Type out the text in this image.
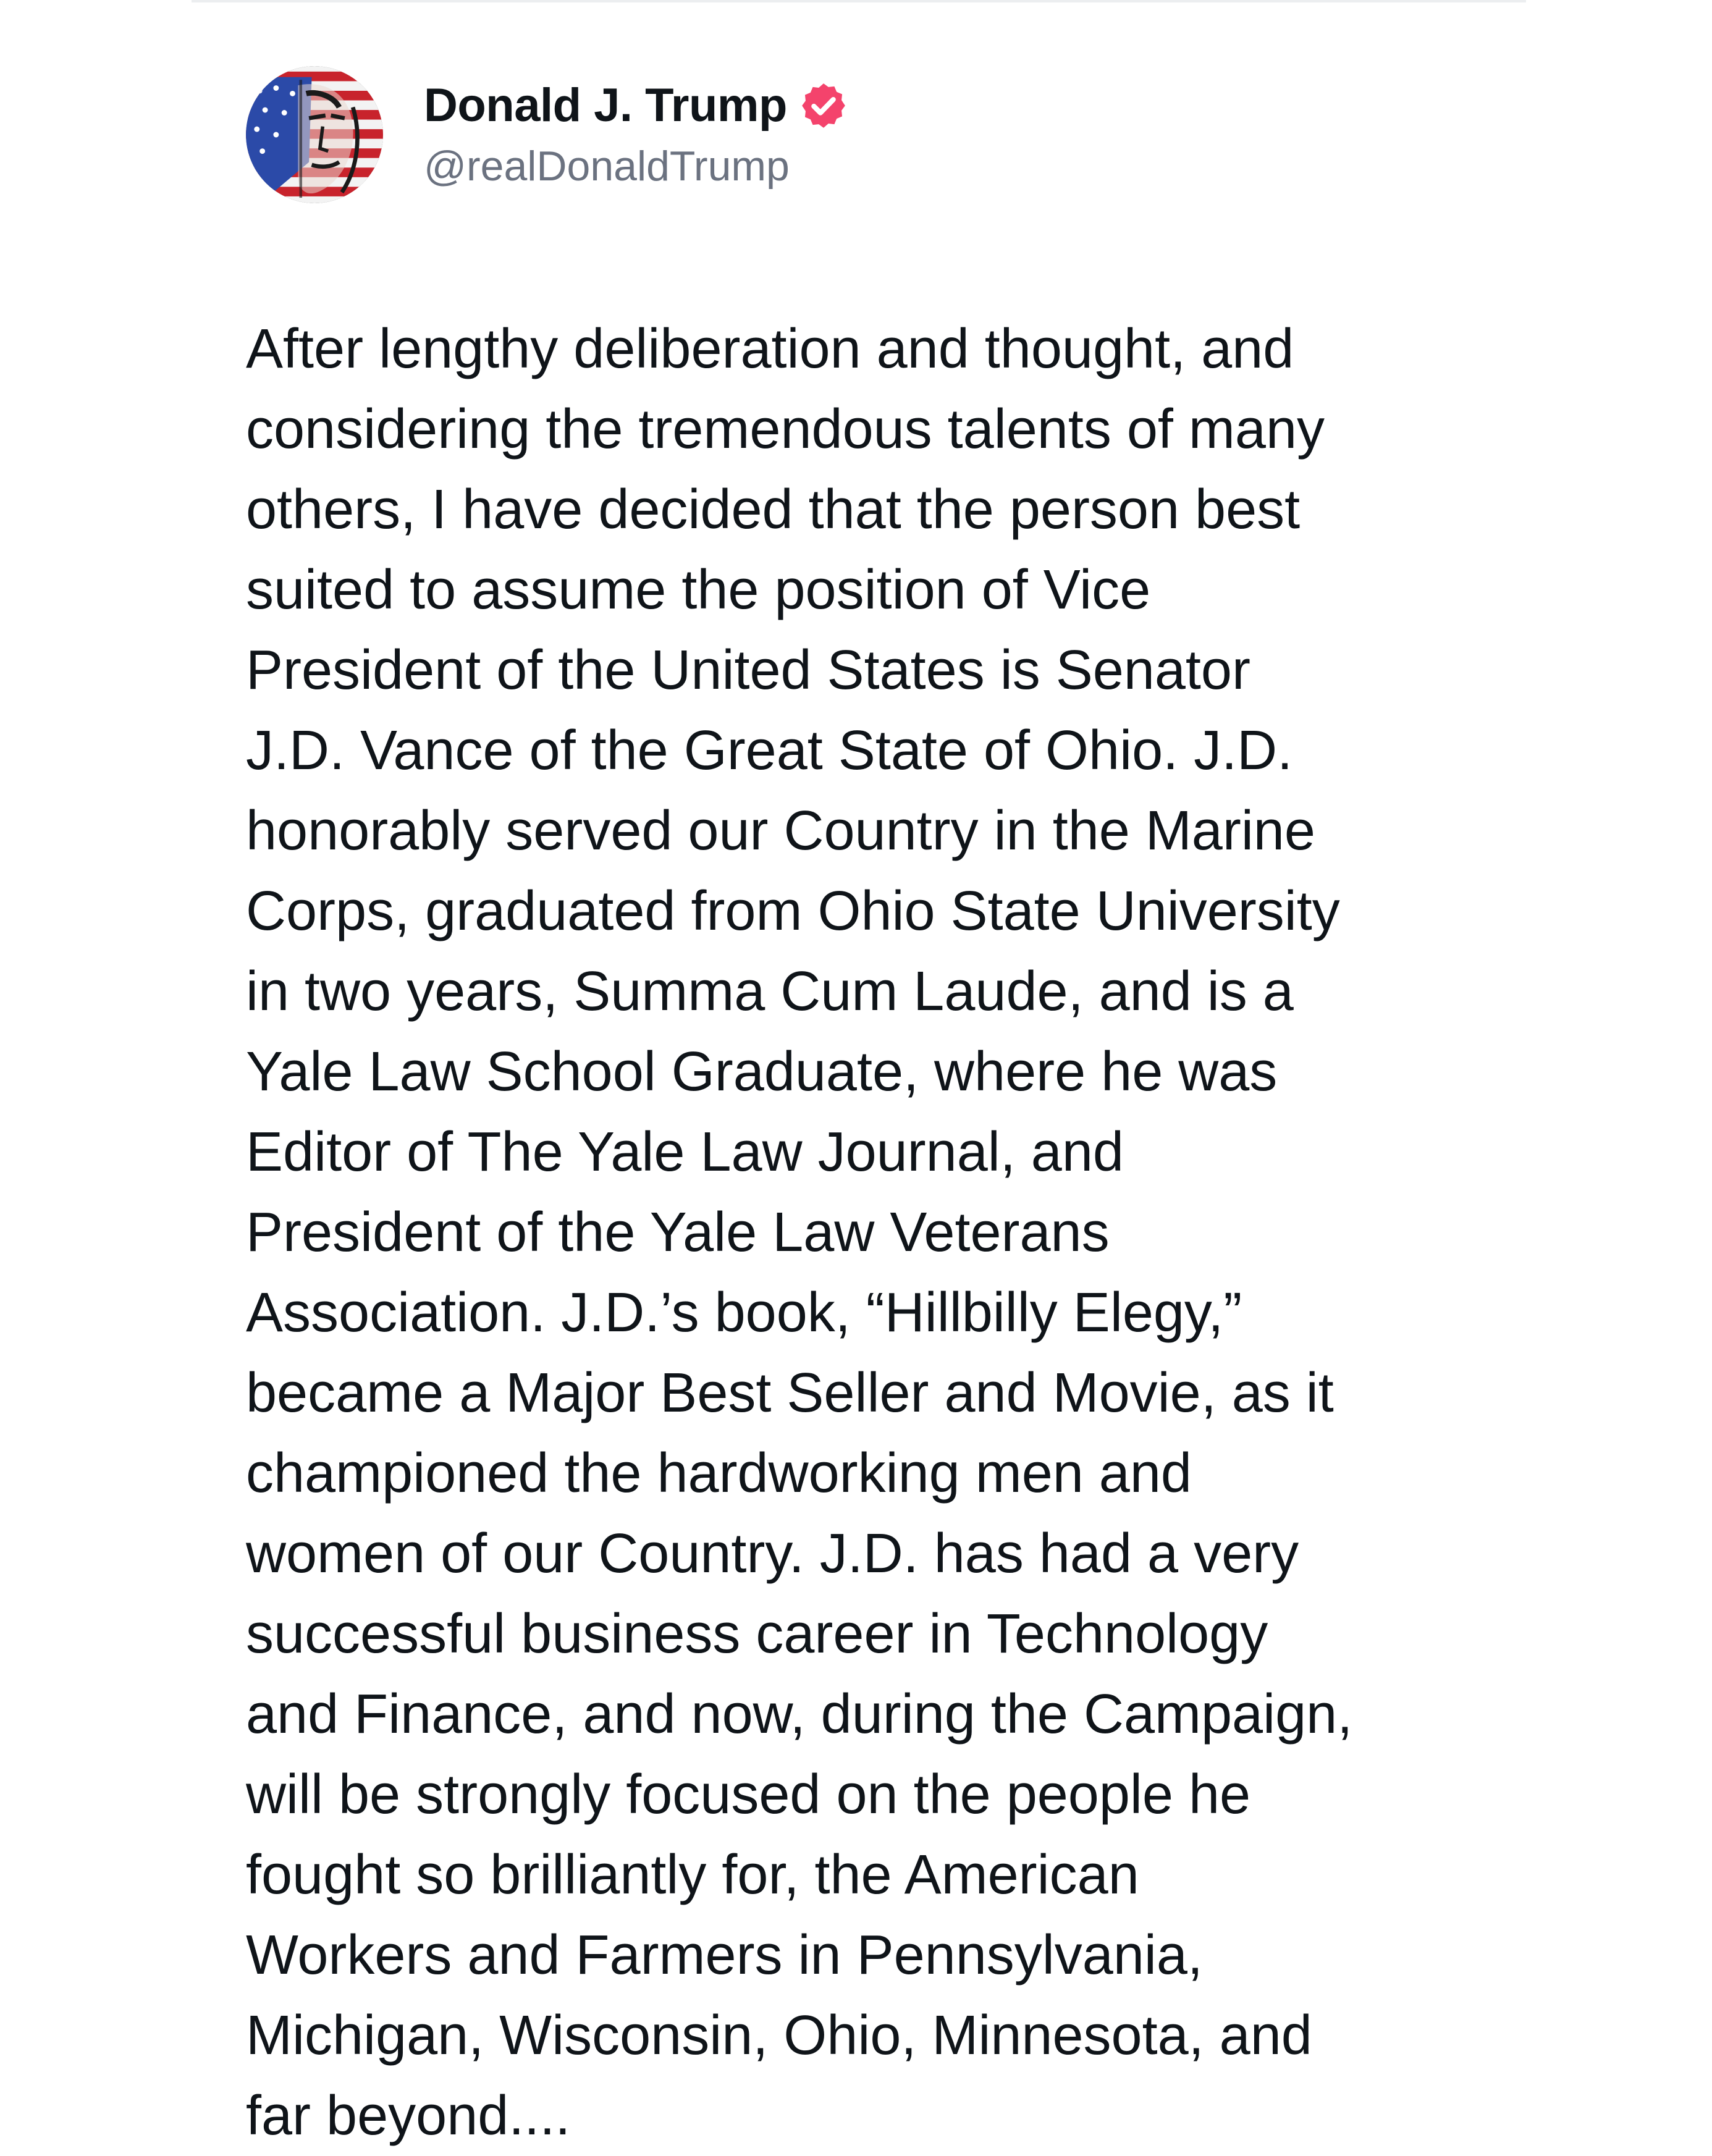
Donald J. Trump
@realDonaldTrump
After lengthy deliberation and thought, and
considering the tremendous talents of many
others, I have decided that the person best
suited to assume the position of Vice
President of the United States is Senator
J.D. Vance of the Great State of Ohio. J.D.
honorably served our Country in the Marine
Corps, graduated from Ohio State University
in two years, Summa Cum Laude, and is a
Yale Law School Graduate, where he was
Editor of The Yale Law Journal, and
President of the Yale Law Veterans
Association. J.D.’s book, “Hillbilly Elegy,”
became a Major Best Seller and Movie, as it
championed the hardworking men and
women of our Country. J.D. has had a very
successful business career in Technology
and Finance, and now, during the Campaign,
will be strongly focused on the people he
fought so brilliantly for, the American
Workers and Farmers in Pennsylvania,
Michigan, Wisconsin, Ohio, Minnesota, and
far beyond....
